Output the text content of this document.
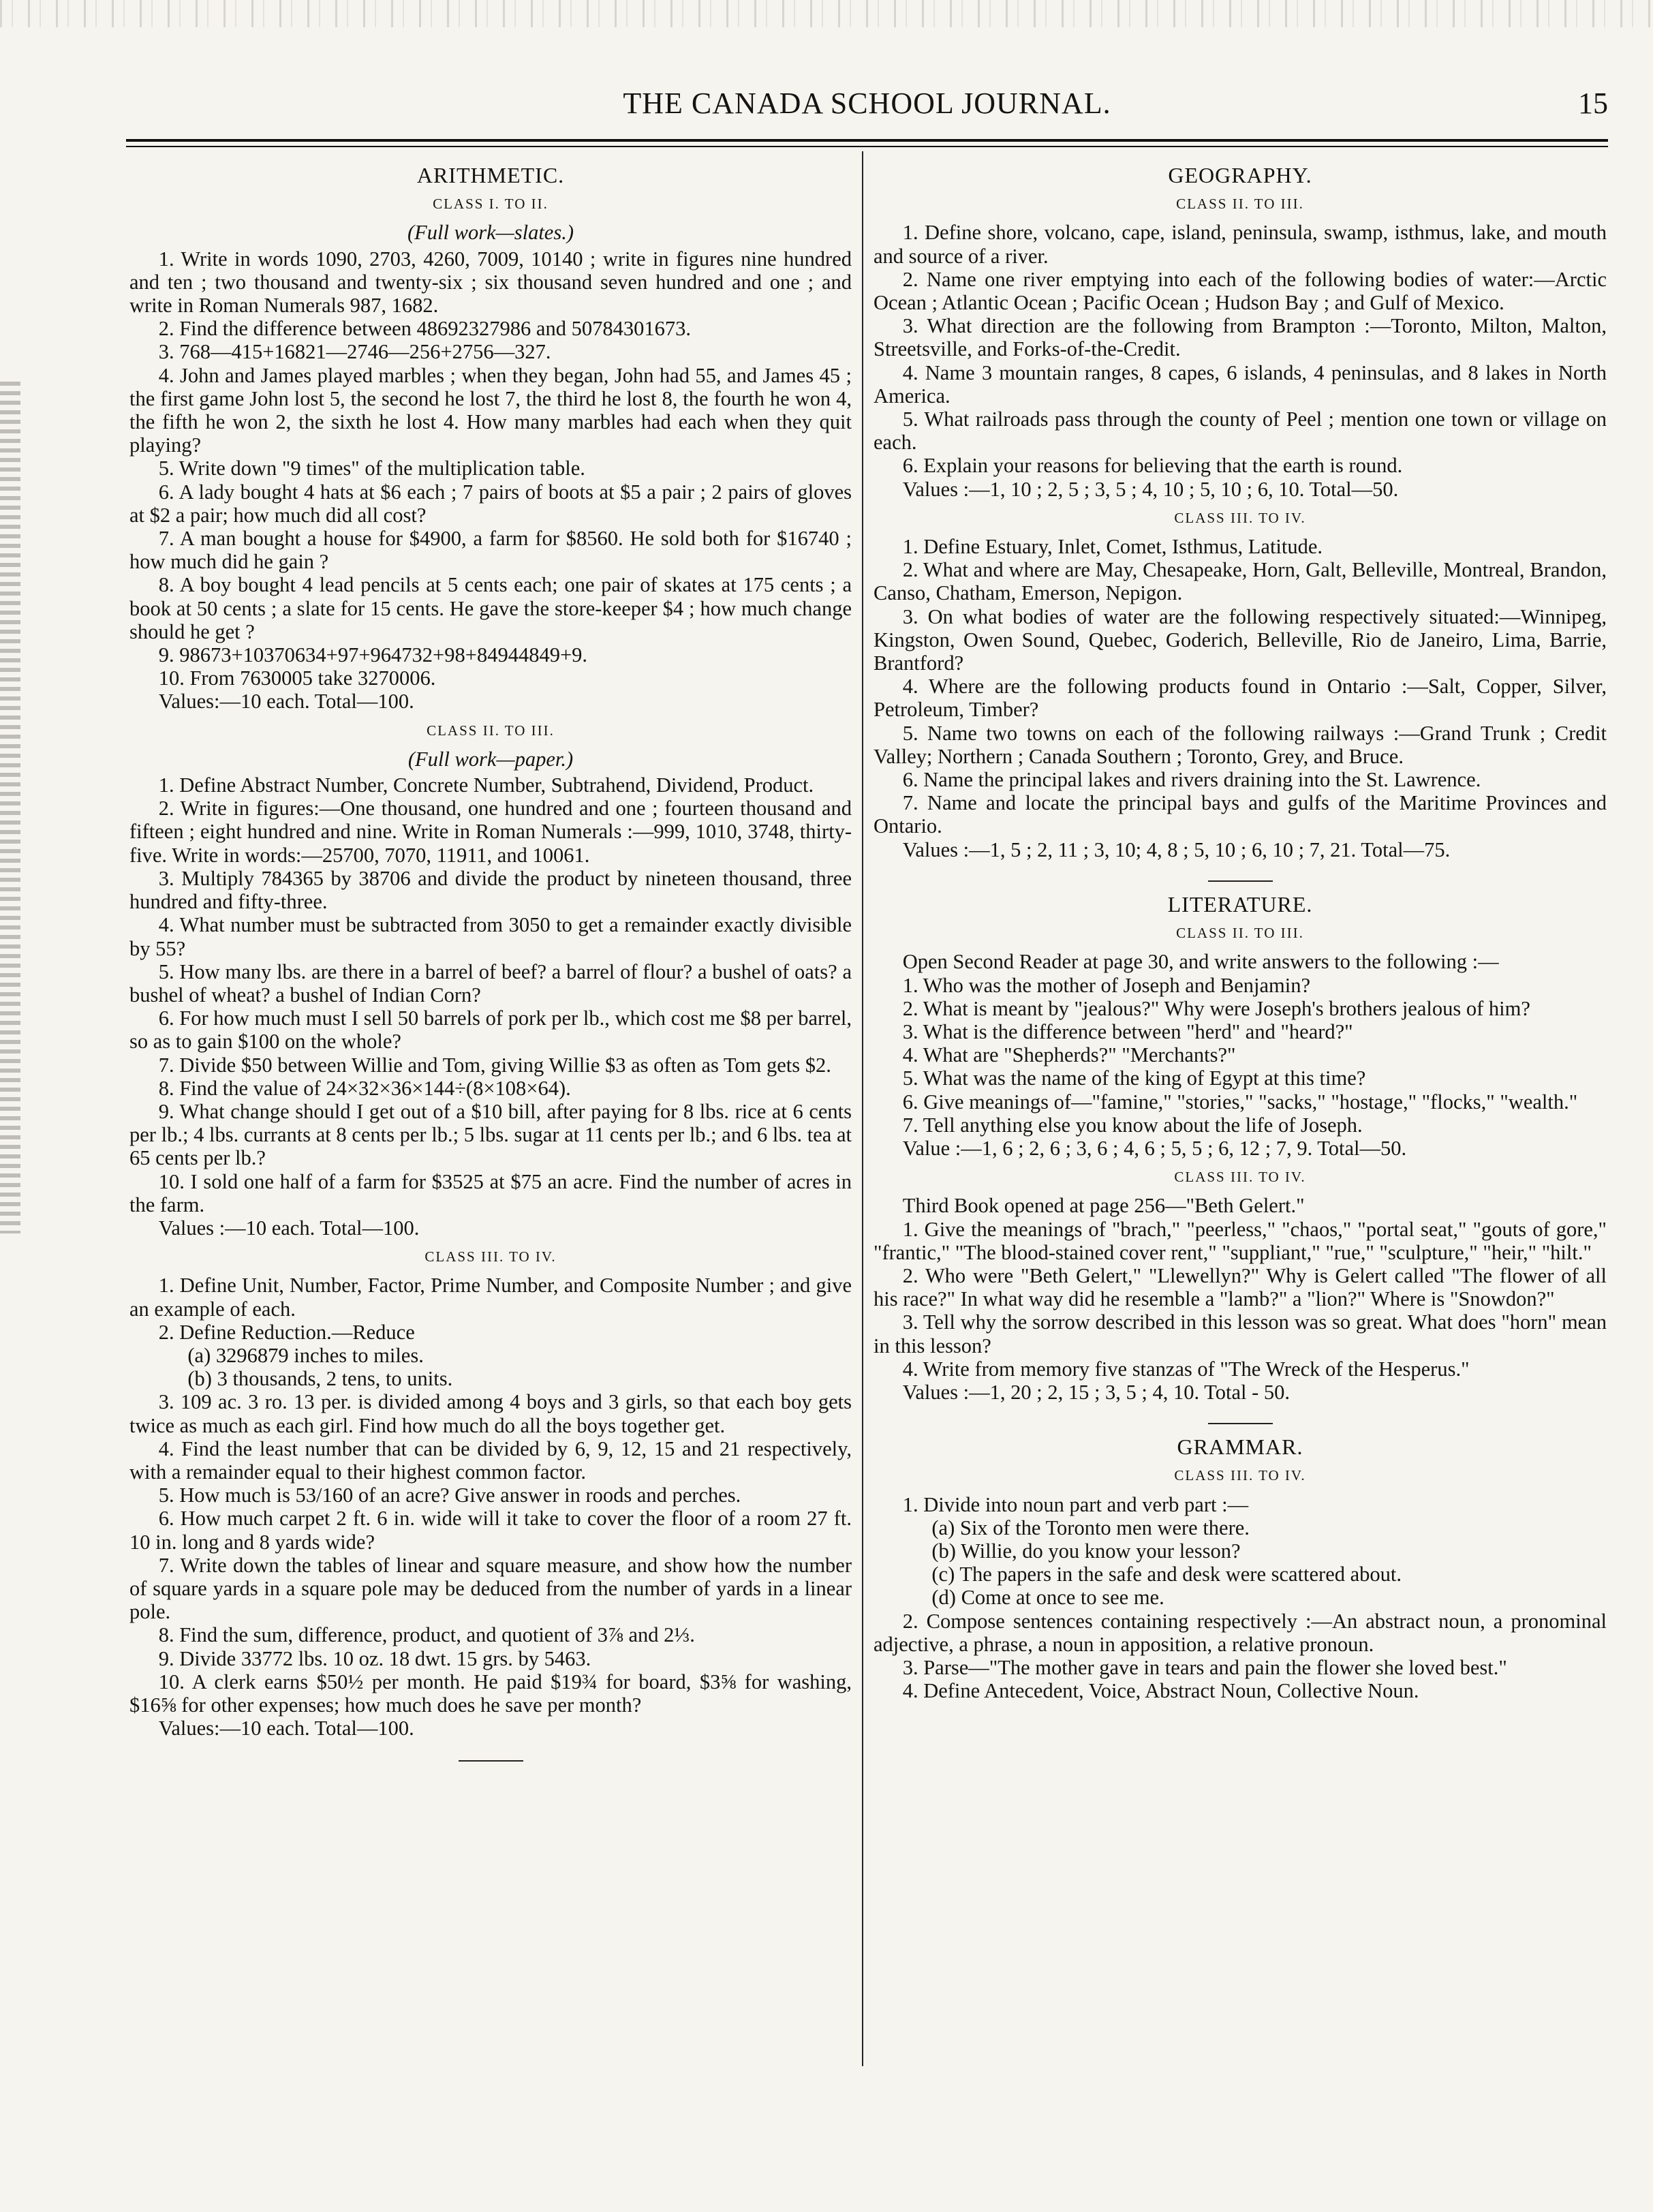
THE CANADA SCHOOL JOURNAL.	15
ARITHMETIC.
CLASS I. TO II.
(Full work—slates.)

1. Write in words 1090, 2703, 4260, 7009, 10140 ; write in figures nine hundred and ten ; two thousand and twenty-six ; six thousand seven hundred and one ; and write in Roman Numerals 987, 1682.

2. Find the difference between 48692327986 and 50784301673.

3. 768—415+16821—2746—256+2756—327.

4. John and James played marbles ; when they began, John had 55, and James 45 ; the first game John lost 5, the second he lost 7, the third he lost 8, the fourth he won 4, the fifth he won 2, the sixth he lost 4. How many marbles had each when they quit playing?

5. Write down "9 times" of the multiplication table.

6. A lady bought 4 hats at $6 each ; 7 pairs of boots at $5 a pair ; 2 pairs of gloves at $2 a pair; how much did all cost?

7. A man bought a house for $4900, a farm for $8560. He sold both for $16740 ; how much did he gain ?

8. A boy bought 4 lead pencils at 5 cents each; one pair of skates at 175 cents ; a book at 50 cents ; a slate for 15 cents. He gave the store-keeper $4 ; how much change should he get ?

9. 98673+10370634+97+964732+98+84944849+9.

10. From 7630005 take 3270006.

Values:—10 each. Total—100.

CLASS II. TO III.
(Full work—paper.)

1. Define Abstract Number, Concrete Number, Subtrahend, Dividend, Product.

2. Write in figures:—One thousand, one hundred and one ; fourteen thousand and fifteen ; eight hundred and nine. Write in Roman Numerals :—999, 1010, 3748, thirty-five. Write in words:—25700, 7070, 11911, and 10061.

3. Multiply 784365 by 38706 and divide the product by nineteen thousand, three hundred and fifty-three.

4. What number must be subtracted from 3050 to get a remainder exactly divisible by 55?

5. How many lbs. are there in a barrel of beef? a barrel of flour? a bushel of oats? a bushel of wheat? a bushel of Indian Corn?

6. For how much must I sell 50 barrels of pork per lb., which cost me $8 per barrel, so as to gain $100 on the whole?

7. Divide $50 between Willie and Tom, giving Willie $3 as often as Tom gets $2.

8. Find the value of 24×32×36×144÷(8×108×64).

9. What change should I get out of a $10 bill, after paying for 8 lbs. rice at 6 cents per lb.; 4 lbs. currants at 8 cents per lb.; 5 lbs. sugar at 11 cents per lb.; and 6 lbs. tea at 65 cents per lb.?

10. I sold one half of a farm for $3525 at $75 an acre. Find the number of acres in the farm.

Values :—10 each. Total—100.

CLASS III. TO IV.

1. Define Unit, Number, Factor, Prime Number, and Composite Number ; and give an example of each.

2. Define Reduction.—Reduce

(a) 3296879 inches to miles.

(b) 3 thousands, 2 tens, to units.

3. 109 ac. 3 ro. 13 per. is divided among 4 boys and 3 girls, so that each boy gets twice as much as each girl. Find how much do all the boys together get.

4. Find the least number that can be divided by 6, 9, 12, 15 and 21 respectively, with a remainder equal to their highest common factor.

5. How much is 53/160 of an acre? Give answer in roods and perches.

6. How much carpet 2 ft. 6 in. wide will it take to cover the floor of a room 27 ft. 10 in. long and 8 yards wide?

7. Write down the tables of linear and square measure, and show how the number of square yards in a square pole may be deduced from the number of yards in a linear pole.

8. Find the sum, difference, product, and quotient of 3⅞ and 2⅓.

9. Divide 33772 lbs. 10 oz. 18 dwt. 15 grs. by 5463.

10. A clerk earns $50½ per month. He paid $19¾ for board, $3⅝ for washing, $16⅝ for other expenses; how much does he save per month?

Values:—10 each. Total—100.

GEOGRAPHY.
CLASS II. TO III.

1. Define shore, volcano, cape, island, peninsula, swamp, isthmus, lake, and mouth and source of a river.

2. Name one river emptying into each of the following bodies of water:—Arctic Ocean ; Atlantic Ocean ; Pacific Ocean ; Hudson Bay ; and Gulf of Mexico.

3. What direction are the following from Brampton :—Toronto, Milton, Malton, Streetsville, and Forks-of-the-Credit.

4. Name 3 mountain ranges, 8 capes, 6 islands, 4 peninsulas, and 8 lakes in North America.

5. What railroads pass through the county of Peel ; mention one town or village on each.

6. Explain your reasons for believing that the earth is round.

Values :—1, 10 ; 2, 5 ; 3, 5 ; 4, 10 ; 5, 10 ; 6, 10. Total—50.

CLASS III. TO IV.

1. Define Estuary, Inlet, Comet, Isthmus, Latitude.

2. What and where are May, Chesapeake, Horn, Galt, Belleville, Montreal, Brandon, Canso, Chatham, Emerson, Nepigon.

3. On what bodies of water are the following respectively situated:—Winnipeg, Kingston, Owen Sound, Quebec, Goderich, Belleville, Rio de Janeiro, Lima, Barrie, Brantford?

4. Where are the following products found in Ontario :—Salt, Copper, Silver, Petroleum, Timber?

5. Name two towns on each of the following railways :—Grand Trunk ; Credit Valley; Northern ; Canada Southern ; Toronto, Grey, and Bruce.

6. Name the principal lakes and rivers draining into the St. Lawrence.

7. Name and locate the principal bays and gulfs of the Maritime Provinces and Ontario.

Values :—1, 5 ; 2, 11 ; 3, 10; 4, 8 ; 5, 10 ; 6, 10 ; 7, 21. Total—75.

LITERATURE.
CLASS II. TO III.

Open Second Reader at page 30, and write answers to the following :—

1. Who was the mother of Joseph and Benjamin?

2. What is meant by "jealous?" Why were Joseph's brothers jealous of him?

3. What is the difference between "herd" and "heard?"

4. What are "Shepherds?" "Merchants?"

5. What was the name of the king of Egypt at this time?

6. Give meanings of—"famine," "stories," "sacks," "hostage," "flocks," "wealth."

7. Tell anything else you know about the life of Joseph.

Value :—1, 6 ; 2, 6 ; 3, 6 ; 4, 6 ; 5, 5 ; 6, 12 ; 7, 9. Total—50.

CLASS III. TO IV.

Third Book opened at page 256—"Beth Gelert."

1. Give the meanings of "brach," "peerless," "chaos," "portal seat," "gouts of gore," "frantic," "The blood-stained cover rent," "suppliant," "rue," "sculpture," "heir," "hilt."

2. Who were "Beth Gelert," "Llewellyn?" Why is Gelert called "The flower of all his race?" In what way did he resemble a "lamb?" a "lion?" Where is "Snowdon?"

3. Tell why the sorrow described in this lesson was so great. What does "horn" mean in this lesson?

4. Write from memory five stanzas of "The Wreck of the Hesperus."

Values :—1, 20 ; 2, 15 ; 3, 5 ; 4, 10. Total - 50.

GRAMMAR.
CLASS III. TO IV.

1. Divide into noun part and verb part :—

(a) Six of the Toronto men were there.

(b) Willie, do you know your lesson?

(c) The papers in the safe and desk were scattered about.

(d) Come at once to see me.

2. Compose sentences containing respectively :—An abstract noun, a pronominal adjective, a phrase, a noun in apposition, a relative pronoun.

3. Parse—"The mother gave in tears and pain the flower she loved best."

4. Define Antecedent, Voice, Abstract Noun, Collective Noun.
